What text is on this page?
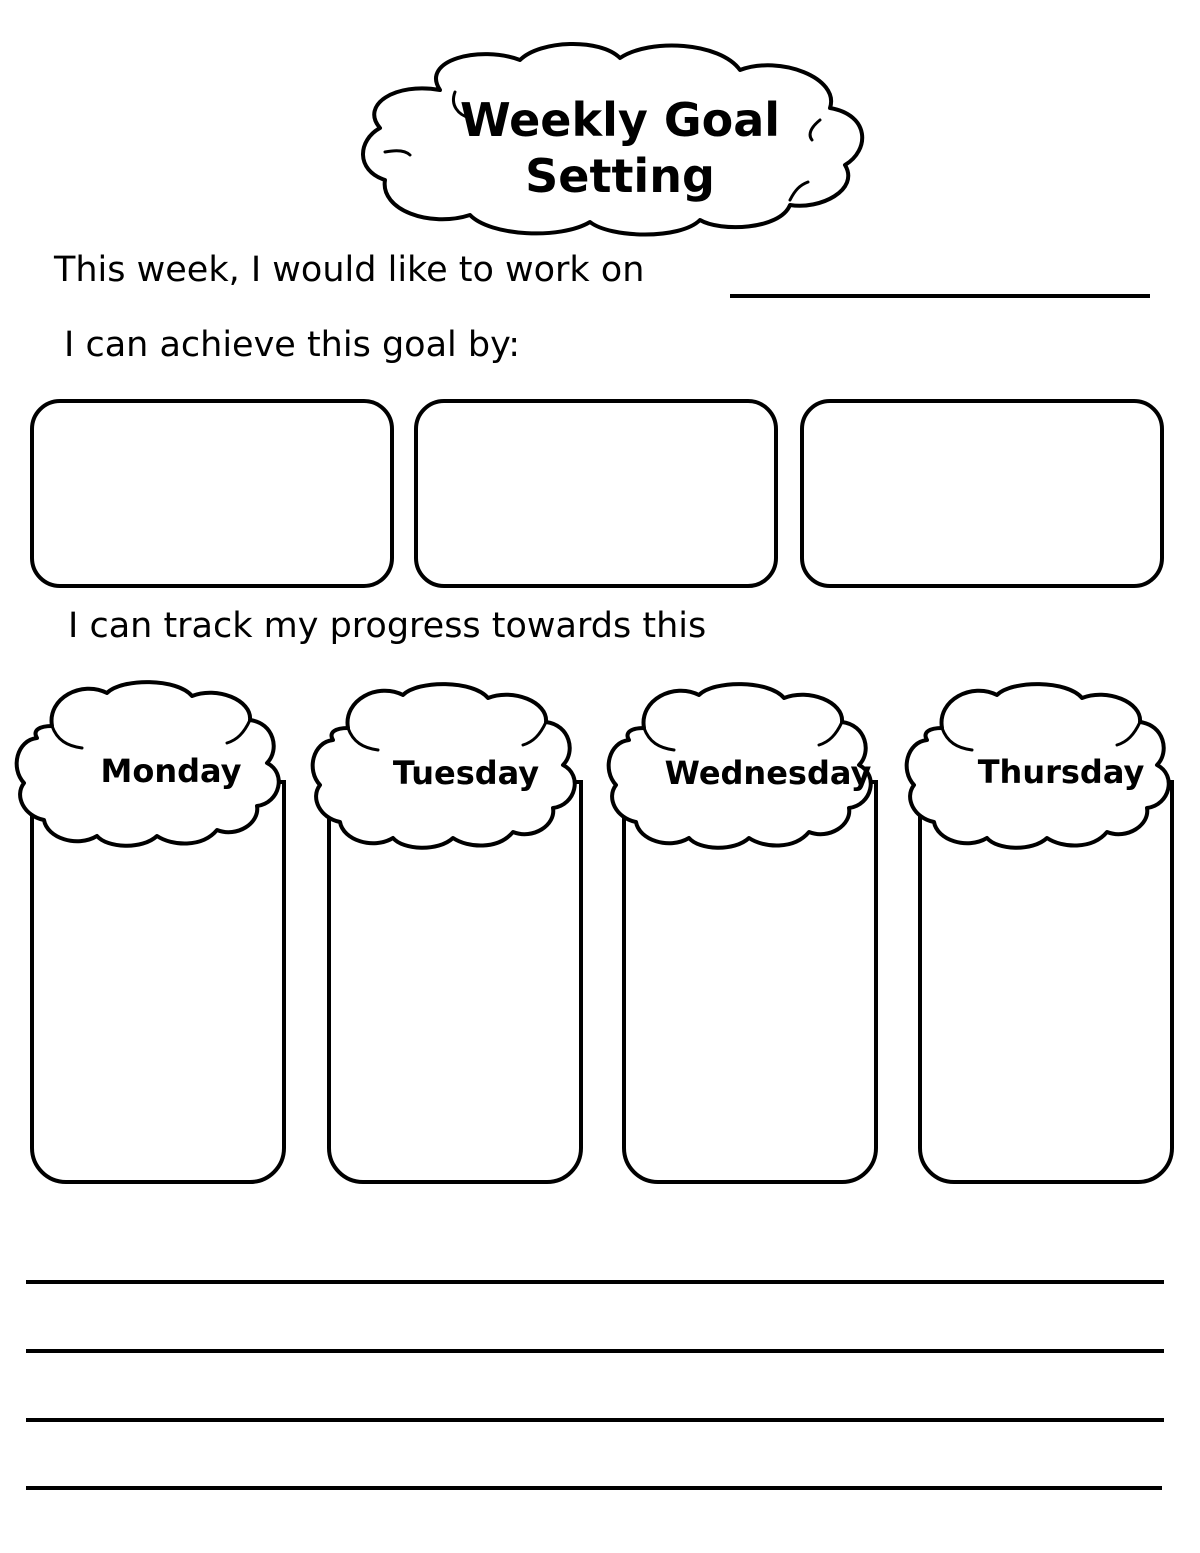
Weekly Goal Setting
This week, I would like to work on
I can achieve this goal by:
I can track my progress towards this
Monday	Tuesday	Wednesday	Thursday
